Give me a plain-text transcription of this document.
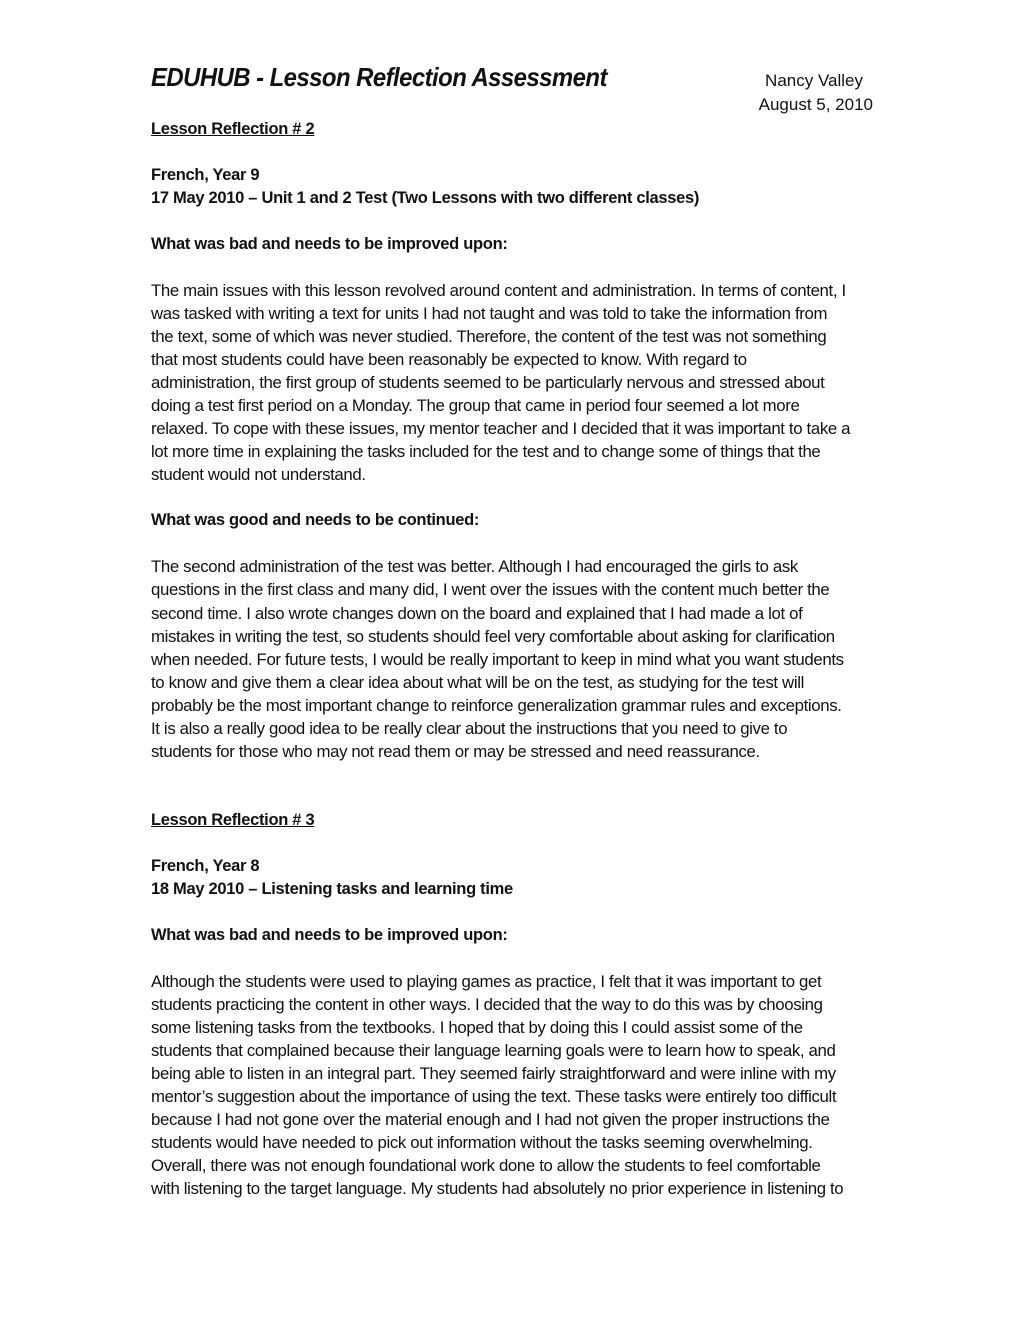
EDUHUB - Lesson Reflection Assessment	Nancy Valley
August 5, 2010
Lesson Reflection # 2
French, Year 9
17 May 2010 – Unit 1 and 2 Test (Two Lessons with two different classes)
What was bad and needs to be improved upon:

The main issues with this lesson revolved around content and administration. In terms of content, I
was tasked with writing a text for units I had not taught and was told to take the information from
the text, some of which was never studied. Therefore, the content of the test was not something
that most students could have been reasonably be expected to know. With regard to
administration, the first group of students seemed to be particularly nervous and stressed about
doing a test first period on a Monday. The group that came in period four seemed a lot more
relaxed. To cope with these issues, my mentor teacher and I decided that it was important to take a
lot more time in explaining the tasks included for the test and to change some of things that the
student would not understand.

What was good and needs to be continued:

The second administration of the test was better. Although I had encouraged the girls to ask
questions in the first class and many did, I went over the issues with the content much better the
second time. I also wrote changes down on the board and explained that I had made a lot of
mistakes in writing the test, so students should feel very comfortable about asking for clarification
when needed. For future tests, I would be really important to keep in mind what you want students
to know and give them a clear idea about what will be on the test, as studying for the test will
probably be the most important change to reinforce generalization grammar rules and exceptions.
It is also a really good idea to be really clear about the instructions that you need to give to
students for those who may not read them or may be stressed and need reassurance.

Lesson Reflection # 3
French, Year 8
18 May 2010 – Listening tasks and learning time
What was bad and needs to be improved upon:

Although the students were used to playing games as practice, I felt that it was important to get
students practicing the content in other ways. I decided that the way to do this was by choosing
some listening tasks from the textbooks. I hoped that by doing this I could assist some of the
students that complained because their language learning goals were to learn how to speak, and
being able to listen in an integral part. They seemed fairly straightforward and were inline with my
mentor’s suggestion about the importance of using the text. These tasks were entirely too difficult
because I had not gone over the material enough and I had not given the proper instructions the
students would have needed to pick out information without the tasks seeming overwhelming.
Overall, there was not enough foundational work done to allow the students to feel comfortable
with listening to the target language. My students had absolutely no prior experience in listening to
